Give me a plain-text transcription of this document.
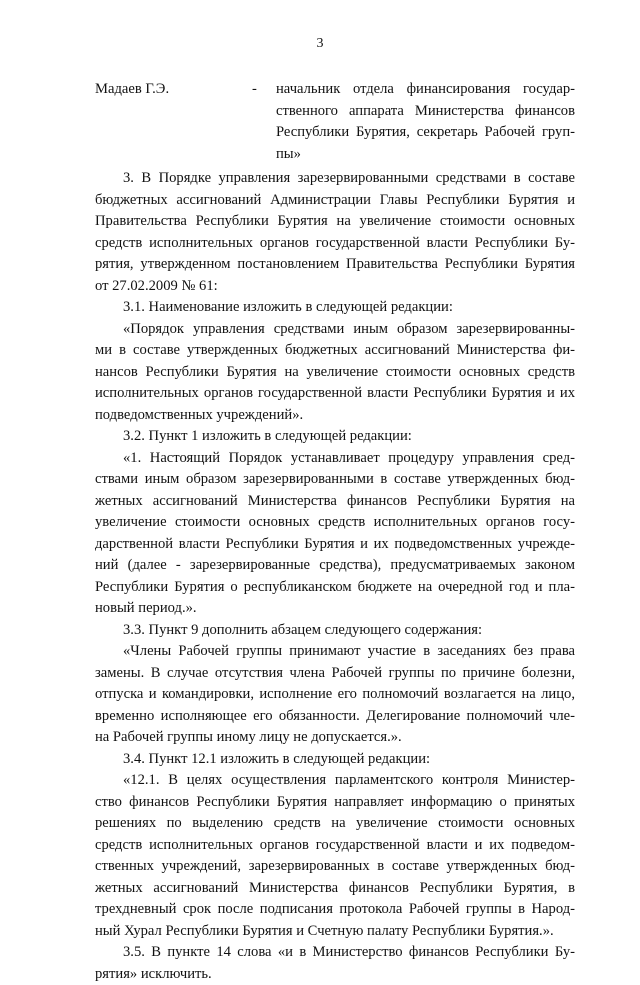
3
Мадаев Г.Э.	- начальник отдела финансирования государ-
ственного аппарата Министерства финансов
Республики Бурятия, секретарь Рабочей груп-
пы»
3. В Порядке управления зарезервированными средствами в составе
бюджетных ассигнований Администрации Главы Республики Бурятия и
Правительства Республики Бурятия на увеличение стоимости основных
средств исполнительных органов государственной власти Республики Бу-
рятия, утвержденном постановлением Правительства Республики Бурятия
от 27.02.2009 № 61:
3.1. Наименование изложить в следующей редакции:
«Порядок управления средствами иным образом зарезервированны-
ми в составе утвержденных бюджетных ассигнований Министерства фи-
нансов Республики Бурятия на увеличение стоимости основных средств
исполнительных органов государственной власти Республики Бурятия и их
подведомственных учреждений».
3.2. Пункт 1 изложить в следующей редакции:
«1. Настоящий Порядок устанавливает процедуру управления сред-
ствами иным образом зарезервированными в составе утвержденных бюд-
жетных ассигнований Министерства финансов Республики Бурятия на
увеличение стоимости основных средств исполнительных органов госу-
дарственной власти Республики Бурятия и их подведомственных учрежде-
ний (далее - зарезервированные средства), предусматриваемых законом
Республики Бурятия о республиканском бюджете на очередной год и пла-
новый период.».
3.3. Пункт 9 дополнить абзацем следующего содержания:
«Члены Рабочей группы принимают участие в заседаниях без права
замены. В случае отсутствия члена Рабочей группы по причине болезни,
отпуска и командировки, исполнение его полномочий возлагается на лицо,
временно исполняющее его обязанности. Делегирование полномочий чле-
на Рабочей группы иному лицу не допускается.».
3.4. Пункт 12.1 изложить в следующей редакции:
«12.1. В целях осуществления парламентского контроля Министер-
ство финансов Республики Бурятия направляет информацию о принятых
решениях по выделению средств на увеличение стоимости основных
средств исполнительных органов государственной власти и их подведом-
ственных учреждений, зарезервированных в составе утвержденных бюд-
жетных ассигнований Министерства финансов Республики Бурятия, в
трехдневный срок после подписания протокола Рабочей группы в Народ-
ный Хурал Республики Бурятия и Счетную палату Республики Бурятия.».
3.5. В пункте 14 слова «и в Министерство финансов Республики Бу-
рятия» исключить.
